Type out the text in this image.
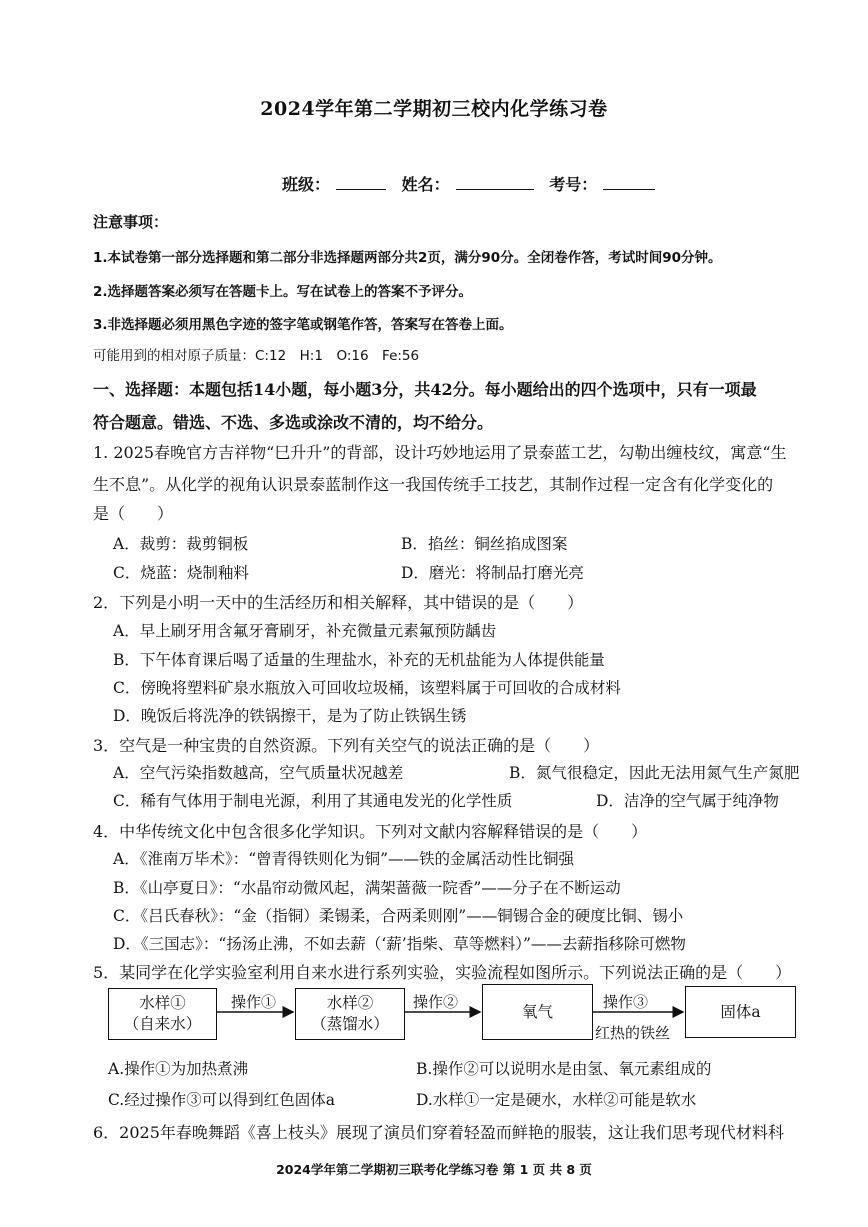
2024学年第二学期初三校内化学练习卷
班级：	姓名：	考号：
注意事项：
1.本试卷第一部分选择题和第二部分非选择题两部分共2页，满分90分。全闭卷作答，考试时间90分钟。
2.选择题答案必须写在答题卡上。写在试卷上的答案不予评分。
3.非选择题必须用黑色字迹的签字笔或钢笔作答，答案写在答卷上面。
可能用到的相对原子质量：C:12　H:1　O:16　Fe:56
一、选择题：本题包括14小题，每小题3分，共42分。每小题给出的四个选项中，只有一项最
符合题意。错选、不选、多选或涂改不清的，均不给分。
1. 2025春晚官方吉祥物“巳升升”的背部，设计巧妙地运用了景泰蓝工艺，勾勒出缠枝纹，寓意“生
生不息”。从化学的视角认识景泰蓝制作这一我国传统手工技艺，其制作过程一定含有化学变化的
是（　　）
A．裁剪：裁剪铜板	B．掐丝：铜丝掐成图案
C．烧蓝：烧制釉料	D．磨光：将制品打磨光亮
2．下列是小明一天中的生活经历和相关解释，其中错误的是（　　）
A．早上刷牙用含氟牙膏刷牙，补充微量元素氟预防龋齿
B．下午体育课后喝了适量的生理盐水，补充的无机盐能为人体提供能量
C．傍晚将塑料矿泉水瓶放入可回收垃圾桶，该塑料属于可回收的合成材料
D．晚饭后将洗净的铁锅擦干，是为了防止铁锅生锈
3．空气是一种宝贵的自然资源。下列有关空气的说法正确的是（　　）
A．空气污染指数越高，空气质量状况越差	B．氮气很稳定，因此无法用氮气生产氮肥
C．稀有气体用于制电光源，利用了其通电发光的化学性质	D．洁净的空气属于纯净物
4．中华传统文化中包含很多化学知识。下列对文献内容解释错误的是（　　）
A．《淮南万毕术》：“曾青得铁则化为铜”——铁的金属活动性比铜强
B．《山亭夏日》：“水晶帘动微风起，满架蔷薇一院香”——分子在不断运动
C．《吕氏春秋》：“金（指铜）柔锡柔，合两柔则刚”——铜锡合金的硬度比铜、锡小
D．《三国志》：“扬汤止沸，不如去薪（‘薪’指柴、草等燃料）”——去薪指移除可燃物
5．某同学在化学实验室利用自来水进行系列实验，实验流程如图所示。下列说法正确的是（　　）
水样①
（自来水）
操作①	水样②
（蒸馏水）
操作②
氧气
操作③
红热的铁丝
固体a
A.操作①为加热煮沸	B.操作②可以说明水是由氢、氧元素组成的
C.经过操作③可以得到红色固体a	D.水样①一定是硬水，水样②可能是软水
6．2025年春晚舞蹈《喜上枝头》展现了演员们穿着轻盈而鲜艳的服装，这让我们思考现代材料科
2024学年第二学期初三联考化学练习卷 第 1 页 共 8 页
